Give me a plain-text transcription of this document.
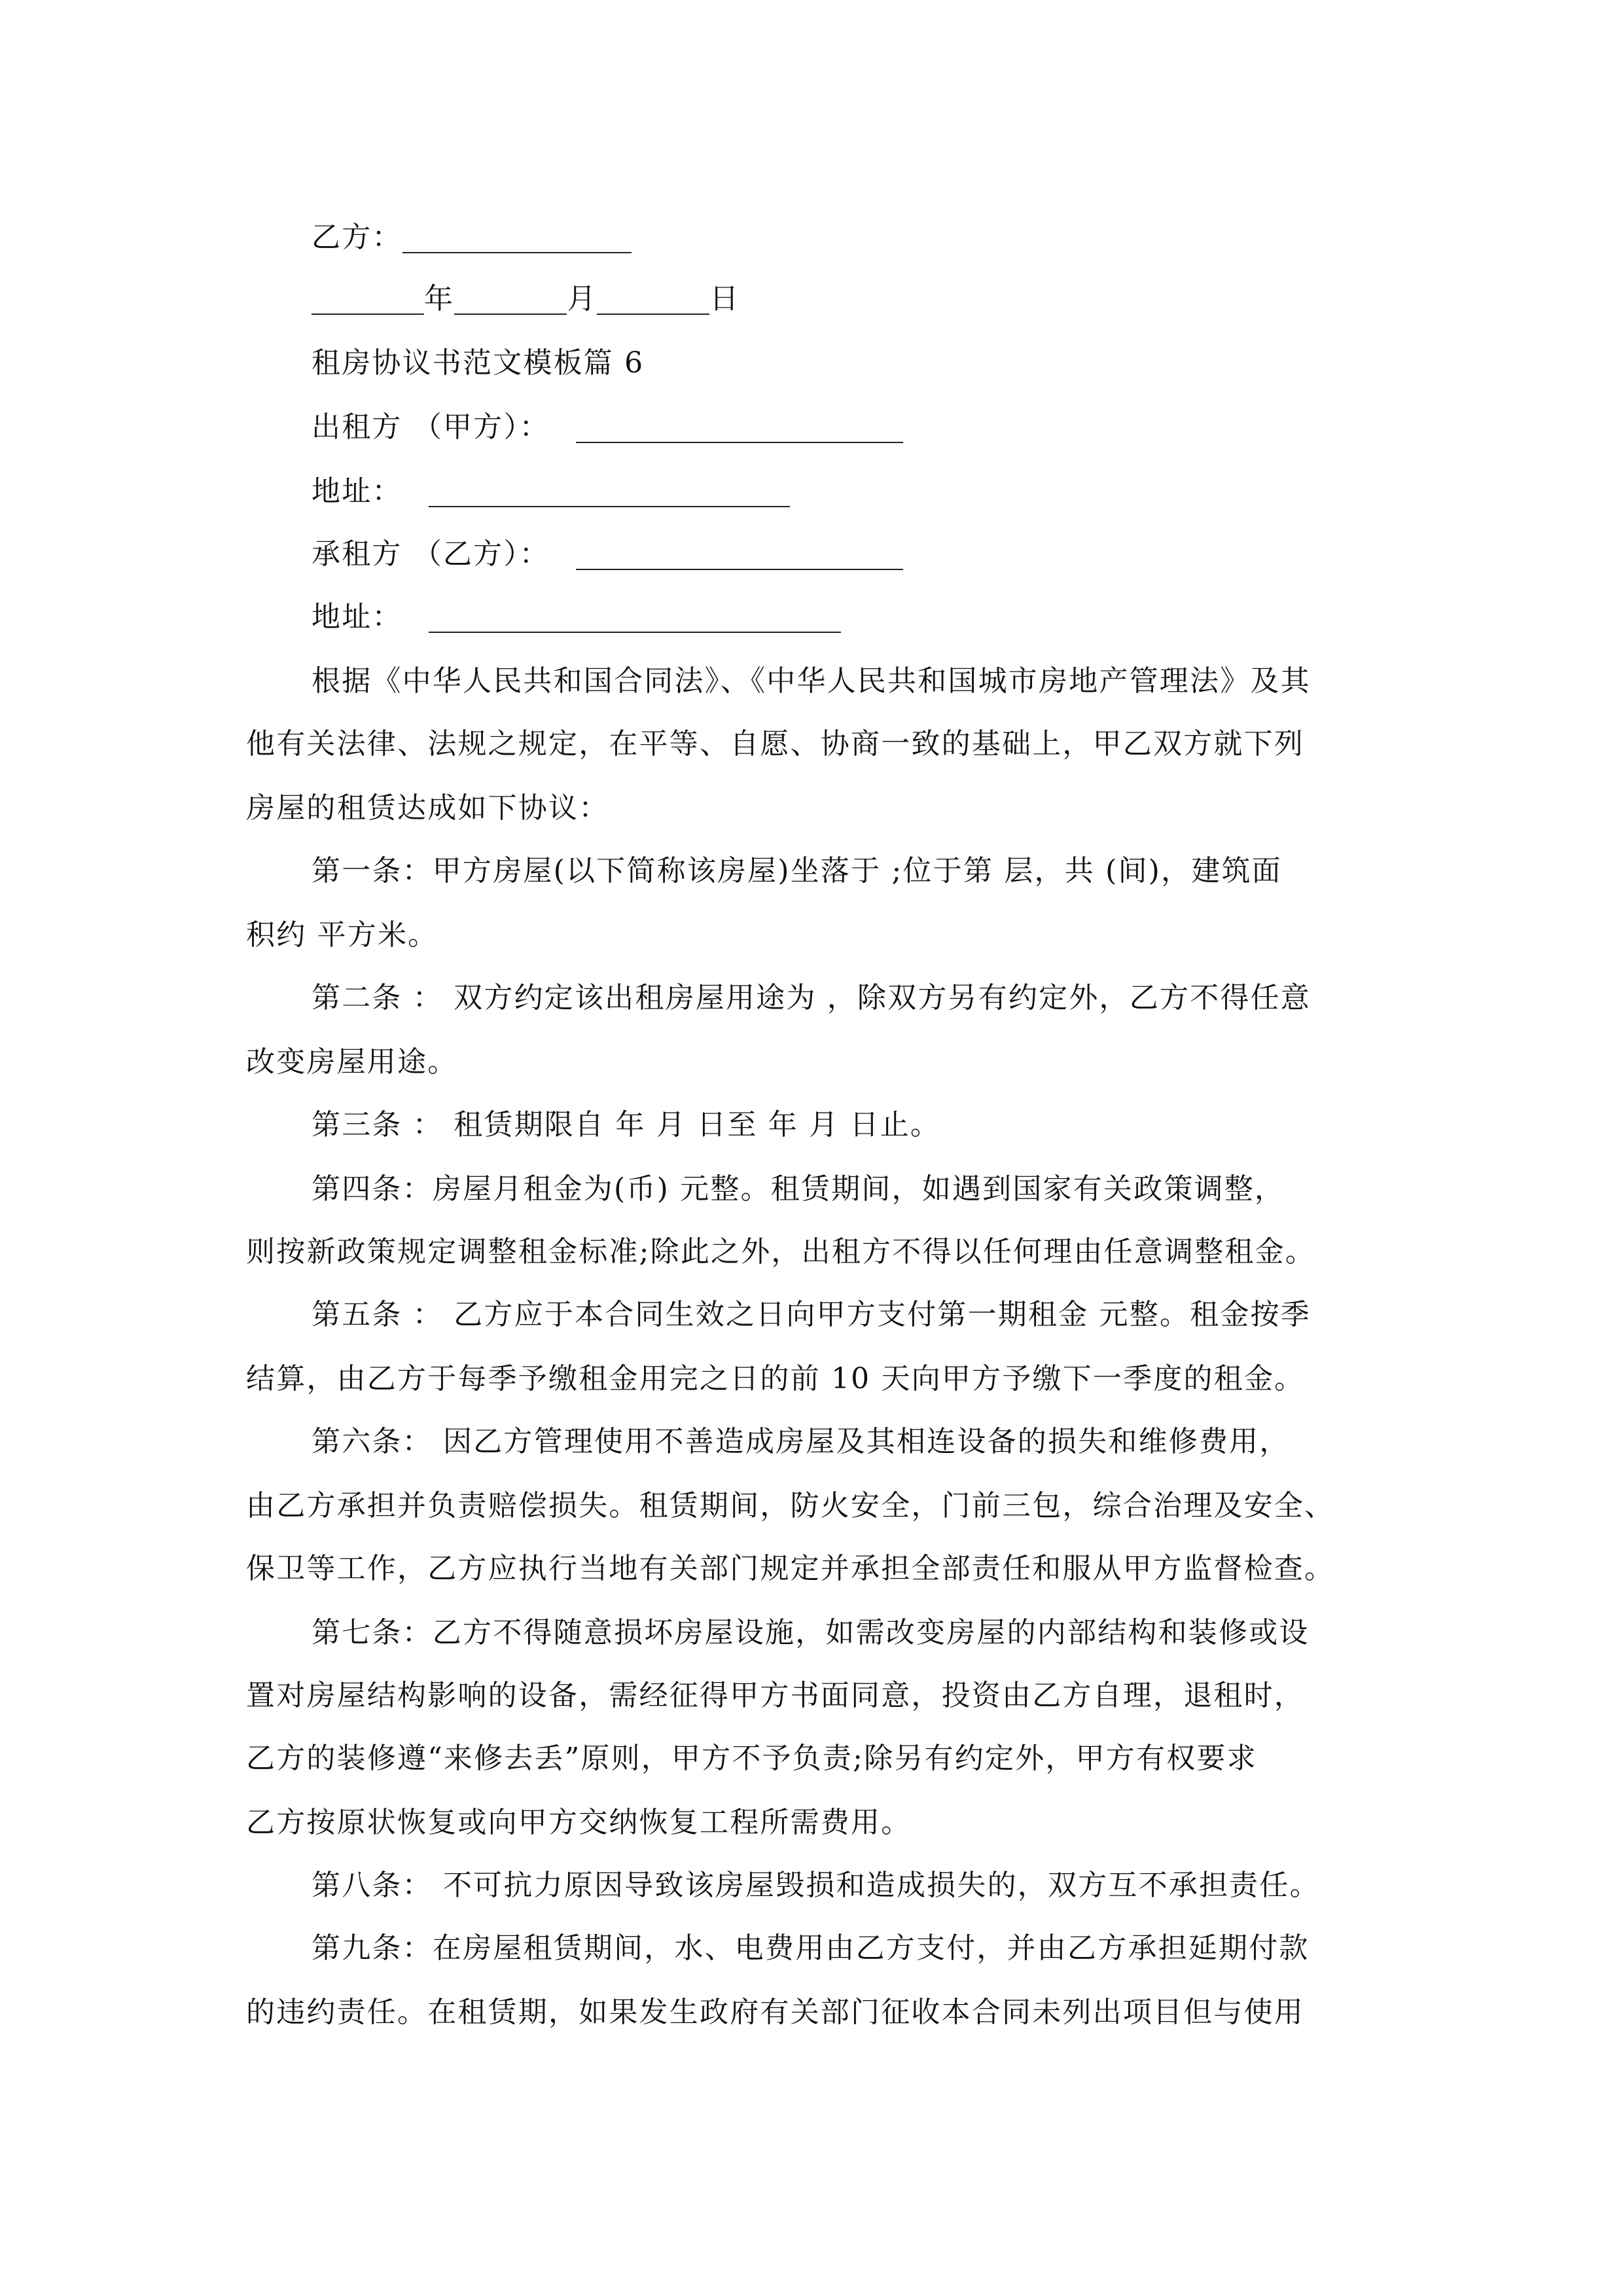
乙方：
年	月	日
租房协议书范文模板篇 6
出租方 （甲方）：
地址：
承租方 （乙方）：
地址：
根据《中华人民共和国合同法》、《中华人民共和国城市房地产管理法》及其
他有关法律、法规之规定，在平等、自愿、协商一致的基础上，甲乙双方就下列
房屋的租赁达成如下协议：
第一条：甲方房屋(以下简称该房屋)坐落于 ;位于第 层，共 (间)，建筑面
积约 平方米。
第二条 ： 双方约定该出租房屋用途为 ，除双方另有约定外，乙方不得任意
改变房屋用途。
第三条 ： 租赁期限自 年 月 日至 年 月 日止。
第四条：房屋月租金为(币) 元整。租赁期间，如遇到国家有关政策调整，
则按新政策规定调整租金标准;除此之外，出租方不得以任何理由任意调整租金。
第五条 ： 乙方应于本合同生效之日向甲方支付第一期租金 元整。租金按季
结算，由乙方于每季予缴租金用完之日的前 10 天向甲方予缴下一季度的租金。
第六条： 因乙方管理使用不善造成房屋及其相连设备的损失和维修费用，
由乙方承担并负责赔偿损失。租赁期间，防火安全，门前三包，综合治理及安全、
保卫等工作，乙方应执行当地有关部门规定并承担全部责任和服从甲方监督检查。
第七条：乙方不得随意损坏房屋设施，如需改变房屋的内部结构和装修或设
置对房屋结构影响的设备，需经征得甲方书面同意，投资由乙方自理，退租时，
乙方的装修遵“来修去丢”原则，甲方不予负责;除另有约定外，甲方有权要求
乙方按原状恢复或向甲方交纳恢复工程所需费用。
第八条： 不可抗力原因导致该房屋毁损和造成损失的，双方互不承担责任。
第九条：在房屋租赁期间，水、电费用由乙方支付，并由乙方承担延期付款
的违约责任。在租赁期，如果发生政府有关部门征收本合同未列出项目但与使用
